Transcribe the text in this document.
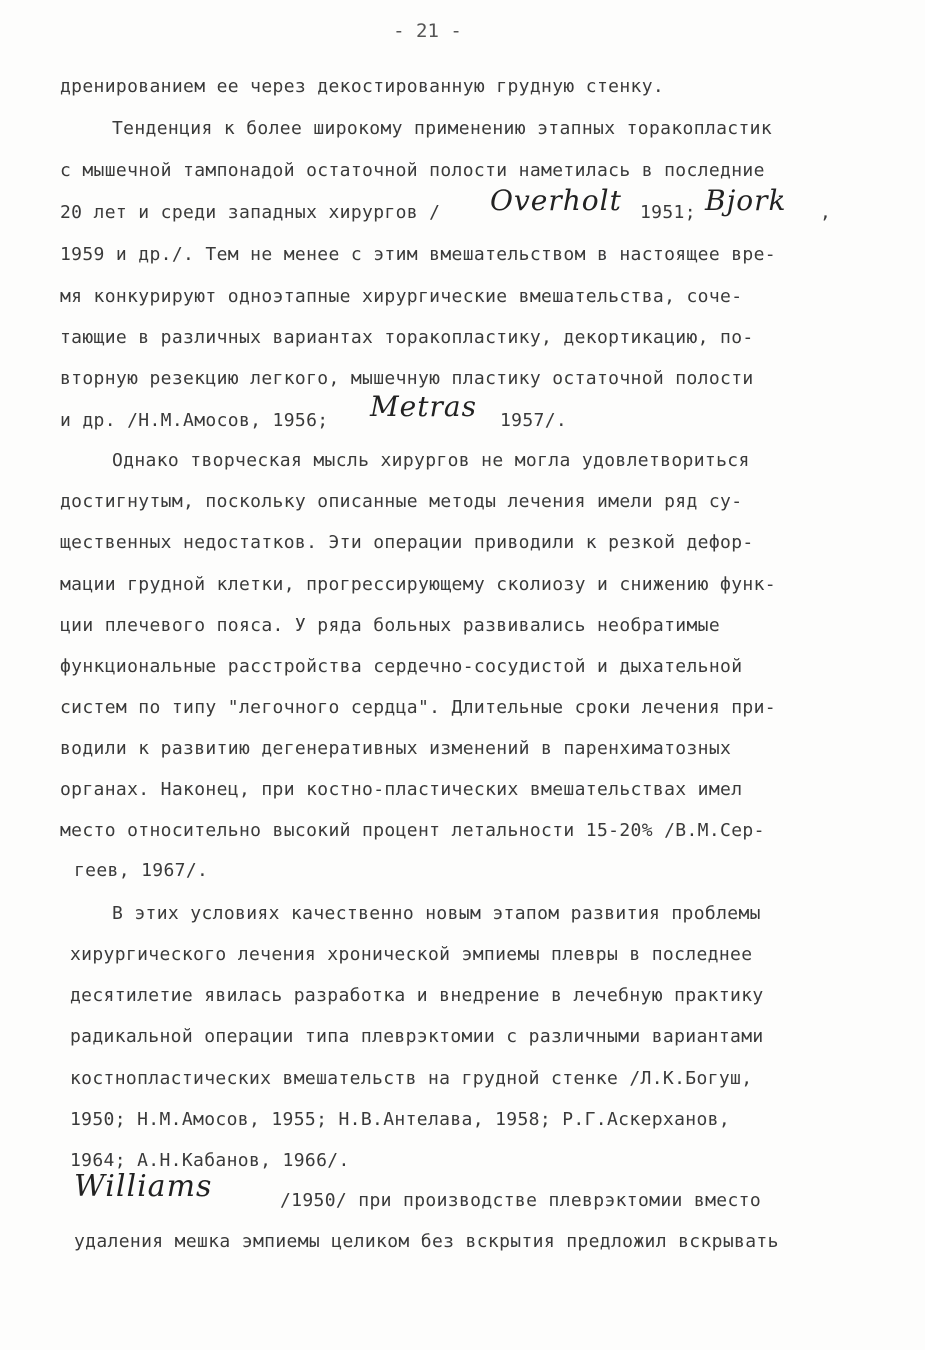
- 21 -
дренированием ее через декостированную грудную стенку.
Тенденция к более широкому применению этапных торакопластик
с мышечной тампонадой остаточной полости наметилась в последние
20 лет и среди западных хирургов / Overholt 1951; Bjork ,
1959 и др./. Тем не менее с этим вмешательством в настоящее вре-
мя конкурируют одноэтапные хирургические вмешательства, соче-
тающие в различных вариантах торакопластику, декортикацию, по-
вторную резекцию легкого, мышечную пластику остаточной полости
и др. /Н.М.Амосов, 1956; Metras 1957/.
Однако творческая мысль хирургов не могла удовлетвориться
достигнутым, поскольку описанные методы лечения имели ряд су-
щественных недостатков. Эти операции приводили к резкой дефор-
мации грудной клетки, прогрессирующему сколиозу и снижению функ-
ции плечевого пояса. У ряда больных развивались необратимые
функциональные расстройства сердечно-сосудистой и дыхательной
систем по типу "легочного сердца". Длительные сроки лечения при-
водили к развитию дегенеративных изменений в паренхиматозных
органах. Наконец, при костно-пластических вмешательствах имел
место относительно высокий процент летальности 15-20% /В.М.Сер-
геев, 1967/.
В этих условиях качественно новым этапом развития проблемы
хирургического лечения хронической эмпиемы плевры в последнее
десятилетие явилась разработка и внедрение в лечебную практику
радикальной операции типа плеврэктомии с различными вариантами
костнопластических вмешательств на грудной стенке /Л.К.Богуш,
1950; Н.М.Амосов, 1955; Н.В.Антелава, 1958; Р.Г.Аскерханов,
1964; А.Н.Кабанов, 1966/.
Williams	/1950/ при производстве плеврэктомии вместо
удаления мешка эмпиемы целиком без вскрытия предложил вскрывать
